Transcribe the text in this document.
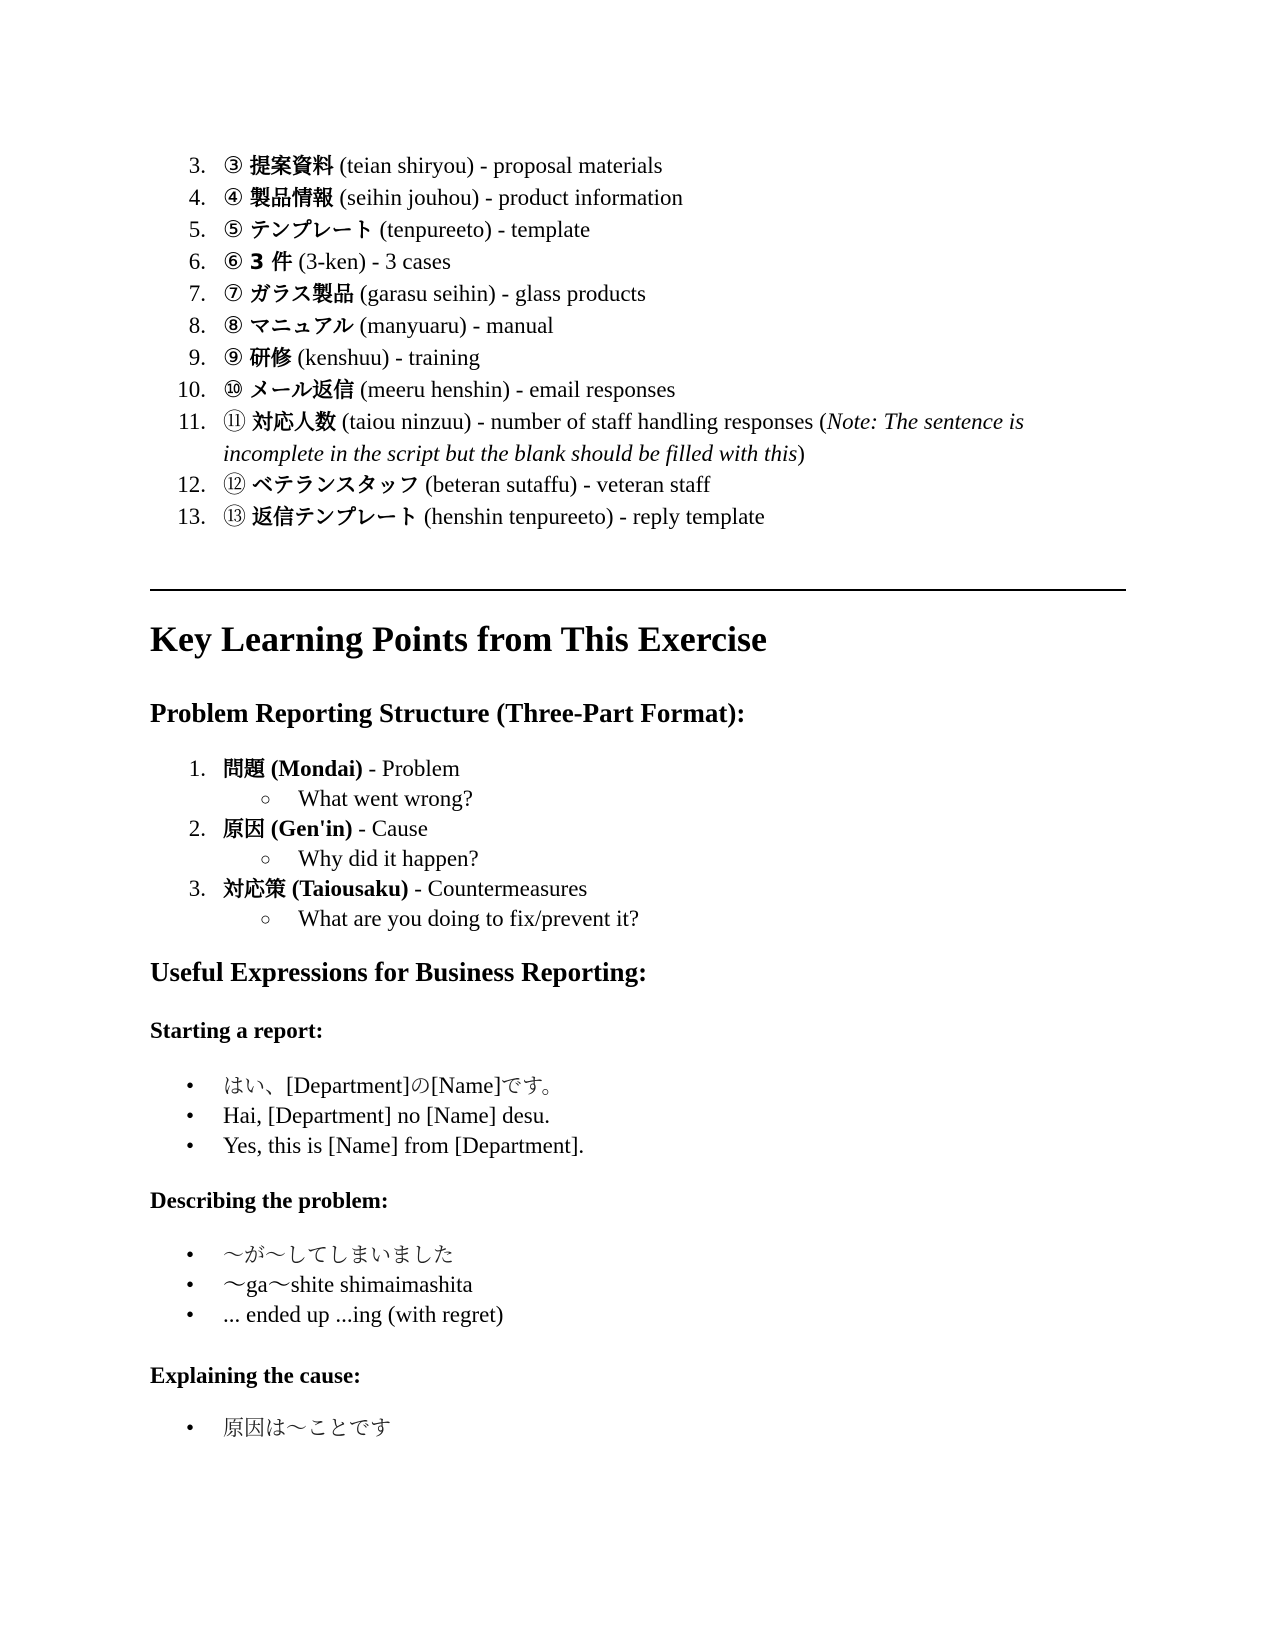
3. ③ 提案資料 (teian shiryou) - proposal materials
4. ④ 製品情報 (seihin jouhou) - product information
5. ⑤ テンプレート (tenpureeto) - template
6. ⑥ 3 件 (3-ken) - 3 cases
7. ⑦ ガラス製品 (garasu seihin) - glass products
8. ⑧ マニュアル (manyuaru) - manual
9. ⑨ 研修 (kenshuu) - training
10. ⑩ メール返信 (meeru henshin) - email responses
11. ⑪ 対応人数 (taiou ninzuu) - number of staff handling responses (Note: The sentence is incomplete in the script but the blank should be filled with this)
12. ⑫ ベテランスタッフ (beteran sutaffu) - veteran staff
13. ⑬ 返信テンプレート (henshin tenpureeto) - reply template
Key Learning Points from This Exercise
Problem Reporting Structure (Three-Part Format):
1. 問題 (Mondai) - Problem
○ What went wrong?
2. 原因 (Gen'in) - Cause
○ Why did it happen?
3. 対応策 (Taiousaku) - Countermeasures
○ What are you doing to fix/prevent it?
Useful Expressions for Business Reporting:
Starting a report:
• はい、[Department]の[Name]です。
• Hai, [Department] no [Name] desu.
• Yes, this is [Name] from [Department].
Describing the problem:
• 〜が〜してしまいました
• 〜ga〜shite shimaimashita
• ... ended up ...ing (with regret)
Explaining the cause:
• 原因は〜ことです
